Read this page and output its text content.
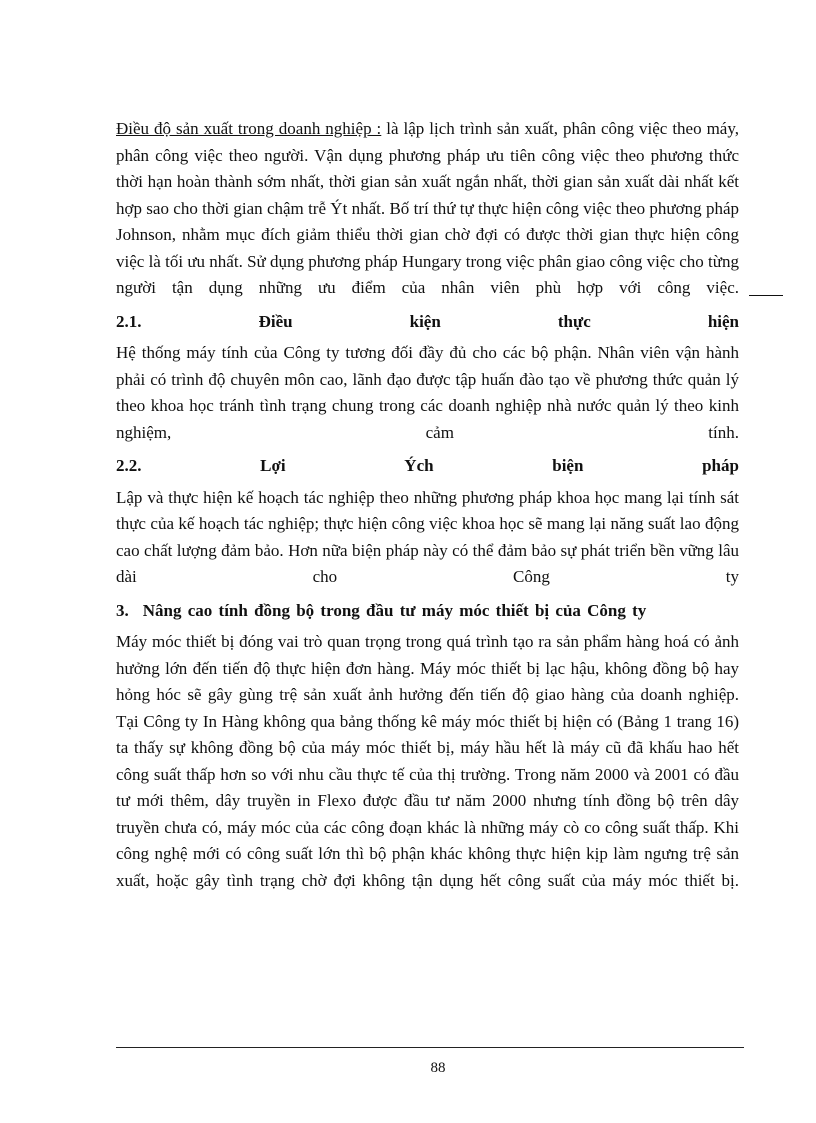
Điều độ sản xuất trong doanh nghiệp : là lập lịch trình sản xuất, phân công việc theo máy, phân công việc theo người. Vận dụng phương pháp ưu tiên công việc theo phương thức thời hạn hoàn thành sớm nhất, thời gian sản xuất ngắn nhất, thời gian sản xuất dài nhất kết hợp sao cho thời gian chậm trễ Ýt nhất. Bố trí thứ tự thực hiện công việc theo phương pháp Johnson, nhằm mục đích giảm thiểu thời gian chờ đợi có được thời gian thực hiện công việc là tối ưu nhất. Sử dụng phương pháp Hungary trong việc phân giao công việc cho từng người tận dụng những ưu điểm của nhân viên phù hợp với công việc.

2.1.	Điều	kiện	thực	hiện

Hệ thống máy tính của Công ty tương đối đầy đủ cho các bộ phận. Nhân viên vận hành phải có trình độ chuyên môn cao, lãnh đạo được tập huấn đào tạo về phương thức quản lý theo khoa học tránh tình trạng chung trong các doanh nghiệp nhà nước quản lý theo kinh nghiệm, cảm tính.

2.2.	Lợi	Ých	biện	pháp

Lập và thực hiện kế hoạch tác nghiệp theo những phương pháp khoa học mang lại tính sát thực của kế hoạch tác nghiệp; thực hiện công việc khoa học sẽ mang lại năng suất lao động cao chất lượng đảm bảo. Hơn nữa biện pháp này có thể đảm bảo sự phát triển bền vững lâu dài cho Công ty

3. Nâng cao tính đồng bộ trong đầu tư máy móc thiết bị của Công ty

Máy móc thiết bị đóng vai trò quan trọng trong quá trình tạo ra sản phẩm hàng hoá có ảnh hưởng lớn đến tiến độ thực hiện đơn hàng. Máy móc thiết bị lạc hậu, không đồng bộ hay hỏng hóc sẽ gây gùng trệ sản xuất ảnh hưởng đến tiến độ giao hàng của doanh nghiệp.

Tại Công ty In Hàng không qua bảng thống kê máy móc thiết bị hiện có (Bảng 1 trang 16) ta thấy sự không đồng bộ của máy móc thiết bị, máy hầu hết là máy cũ đã khấu hao hết công suất thấp hơn so với nhu cầu thực tế của thị trường. Trong năm 2000 và 2001 có đầu tư mới thêm, dây truyền in Flexo được đầu tư năm 2000 nhưng tính đồng bộ trên dây truyền chưa có, máy móc của các công đoạn khác là những máy cò co công suất thấp. Khi công nghệ mới có công suất lớn thì bộ phận khác không thực hiện kịp làm ngưng trệ sản xuất, hoặc gây tình trạng chờ đợi không tận dụng hết công suất của máy móc thiết bị.

88
